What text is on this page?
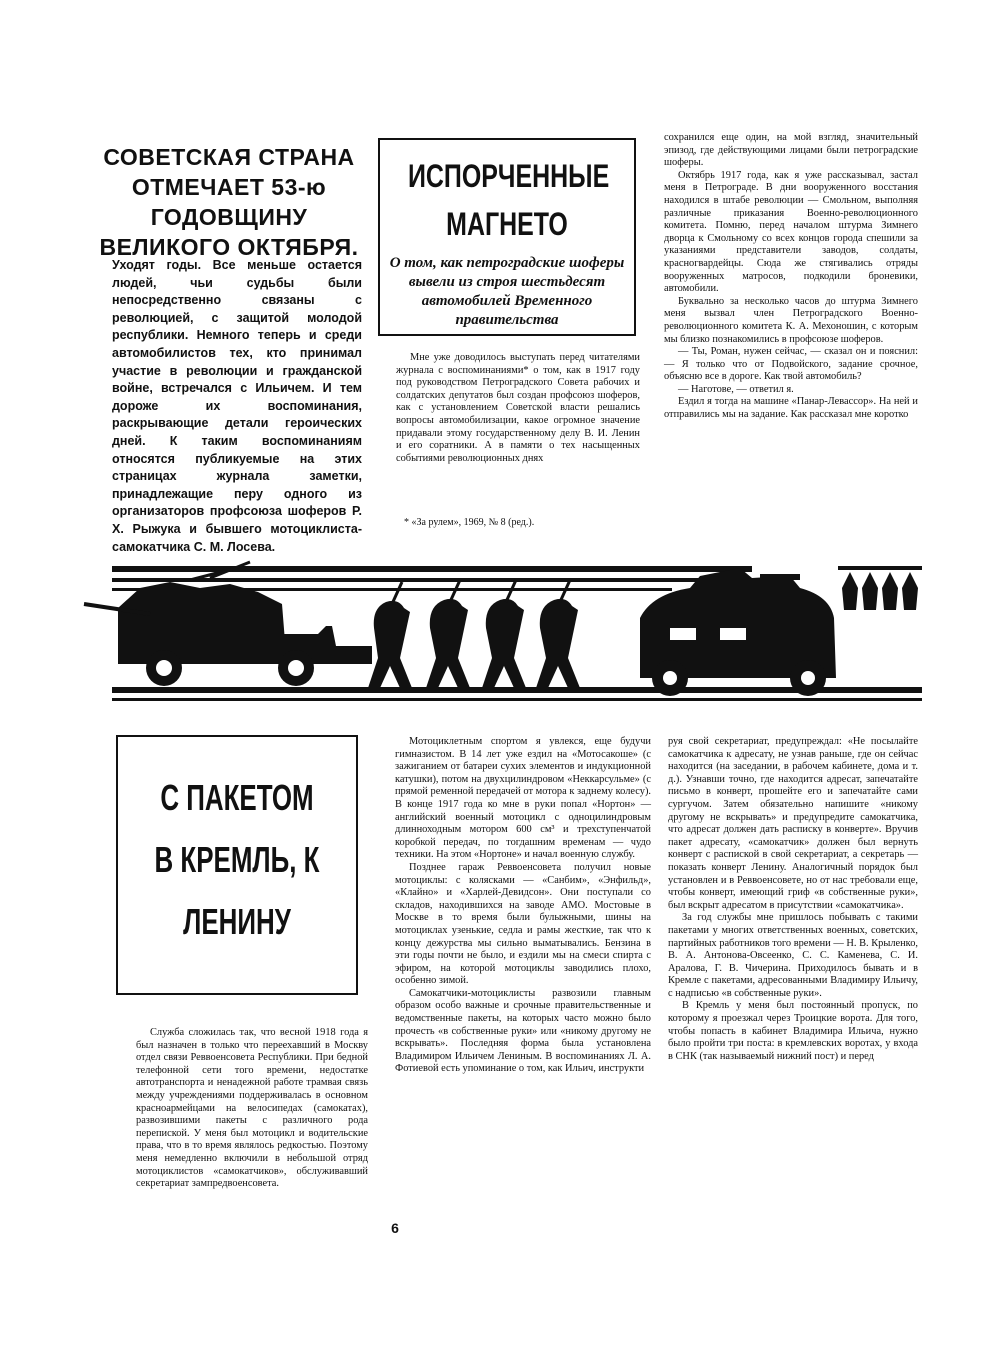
СОВЕТСКАЯ СТРАНА ОТМЕЧАЕТ 53-ю ГОДОВЩИНУ ВЕЛИКОГО ОКТЯБРЯ.

Уходят годы. Все меньше остается людей, чьи судьбы были непосредственно связаны с революцией, с защитой молодой республики. Немного теперь и среди автомобилистов тех, кто принимал участие в революции и гражданской войне, встречался с Ильичем. И тем дороже их воспоминания, раскрывающие детали героических дней. К таким воспоминаниям относятся публикуемые на этих страницах журнала заметки, принадлежащие перу одного из организаторов профсоюза шоферов Р. Х. Рыжука и бывшего мотоциклиста-самокатчика С. М. Лосева.

ИСПОРЧЕННЫЕ МАГНЕТО
О том, как петроградские шоферы вывели из строя шестьдесят автомобилей Временного правительства

Мне уже доводилось выступать перед читателями журнала с воспоминаниями* о том, как в 1917 году под руководством Петроградского Совета рабочих и солдатских депутатов был создан профсоюз шоферов, как с установлением Советской власти решались вопросы автомобилизации, какое огромное значение придавали этому государственному делу В. И. Ленин и его соратники. А в памяти о тех насыщенных событиями революционных днях

* «За рулем», 1969, № 8 (ред.).

сохранился еще один, на мой взгляд, значительный эпизод, где действующими лицами были петроградские шоферы.

Октябрь 1917 года, как я уже рассказывал, застал меня в Петрограде. В дни вооруженного восстания находился в штабе революции — Смольном, выполняя различные приказания Военно-революционного комитета. Помню, перед началом штурма Зимнего дворца к Смольному со всех концов города спешили за указаниями представители заводов, солдаты, красногвардейцы. Сюда же стягивались отряды вооруженных матросов, подкодили броневики, автомобили.

Буквально за несколько часов до штурма Зимнего меня вызвал член Петроградского Военно-революционного комитета К. А. Мехоношин, с которым мы близко познакомились в профсоюзе шоферов.

— Ты, Роман, нужен сейчас, — сказал он и пояснил: — Я только что от Подвойского, задание срочное, объясню все в дороге. Как твой автомобиль?

— Наготове, — ответил я.

Ездил я тогда на машине «Панар-Левассор». На ней и отправились мы на задание. Как рассказал мне коротко

С ПАКЕТОМ В КРЕМЛЬ, К ЛЕНИНУ

Служба сложилась так, что весной 1918 года я был назначен в только что переехавший в Москву отдел связи Реввоенсовета Республики. При бедной телефонной сети того времени, недостатке автотранспорта и ненадежной работе трамвая связь между учреждениями поддерживалась в основном красноармейцами на велосипедах (самокатах), развозившими пакеты с различного рода перепиской. У меня был мотоцикл и водительские права, что в то время являлось редкостью. Поэтому меня немедленно включили в небольшой отряд мотоциклистов «самокатчиков», обслуживавший секретариат зампредвоенсовета.

Мотоциклетным спортом я увлекся, еще будучи гимназистом. В 14 лет уже ездил на «Мотосакоше» (с зажиганием от батареи сухих элементов и индукционной катушки), потом на двухцилиндровом «Неккарсульме» (с прямой ременной передачей от мотора к заднему колесу). В конце 1917 года ко мне в руки попал «Нортон» — английский военный мотоцикл с одноцилиндровым длинноходным мотором 600 см³ и трехступенчатой коробкой передач, по тогдашним временам — чудо техники. На этом «Нортоне» и начал военную службу.

Позднее гараж Реввоенсовета получил новые мотоциклы: с колясками — «Санбим», «Энфильд», «Клайно» и «Харлей-Девидсон». Они поступали со складов, находившихся на заводе АМО. Мостовые в Москве в то время были булыжными, шины на мотоциклах узенькие, седла и рамы жесткие, так что к концу дежурства мы сильно выматывались. Бензина в эти годы почти не было, и ездили мы на смеси спирта с эфиром, на которой мотоциклы заводились плохо, особенно зимой.

Самокатчики-мотоциклисты развозили главным образом особо важные и срочные правительственные и ведомственные пакеты, на которых часто можно было прочесть «в собственные руки» или «никому другому не вскрывать». Последняя форма была установлена Владимиром Ильичем Лениным. В воспоминаниях Л. А. Фотиевой есть упоминание о том, как Ильич, инструкти

руя свой секретариат, предупреждал: «Не посылайте самокатчика к адресату, не узнав раньше, где он сейчас находится (на заседании, в рабочем кабинете, дома и т. д.). Узнавши точно, где находится адресат, запечатайте письмо в конверт, прошейте его и запечатайте сами сургучом. Затем обязательно напишите «никому другому не вскрывать» и предупредите самокатчика, что адресат должен дать расписку в конверте». Вручив пакет адресату, «самокатчик» должен был вернуть конверт с распиской в свой секретариат, а секретарь — показать конверт Ленину. Аналогичный порядок был установлен и в Реввоенсовете, но от нас требовали еще, чтобы конверт, имеющий гриф «в собственные руки», был вскрыт адресатом в присутствии «самокатчика».

За год службы мне пришлось побывать с такими пакетами у многих ответственных военных, советских, партийных работников того времени — Н. В. Крыленко, В. А. Антонова-Овсеенко, С. С. Каменева, С. И. Аралова, Г. В. Чичерина. Приходилось бывать и в Кремле с пакетами, адресованными Владимиру Ильичу, с надписью «в собственные руки».

В Кремль у меня был постоянный пропуск, по которому я проезжал через Троицкие ворота. Для того, чтобы попасть в кабинет Владимира Ильича, нужно было пройти три поста: в кремлевских воротах, у входа в СНК (так называемый нижний пост) и перед

6
